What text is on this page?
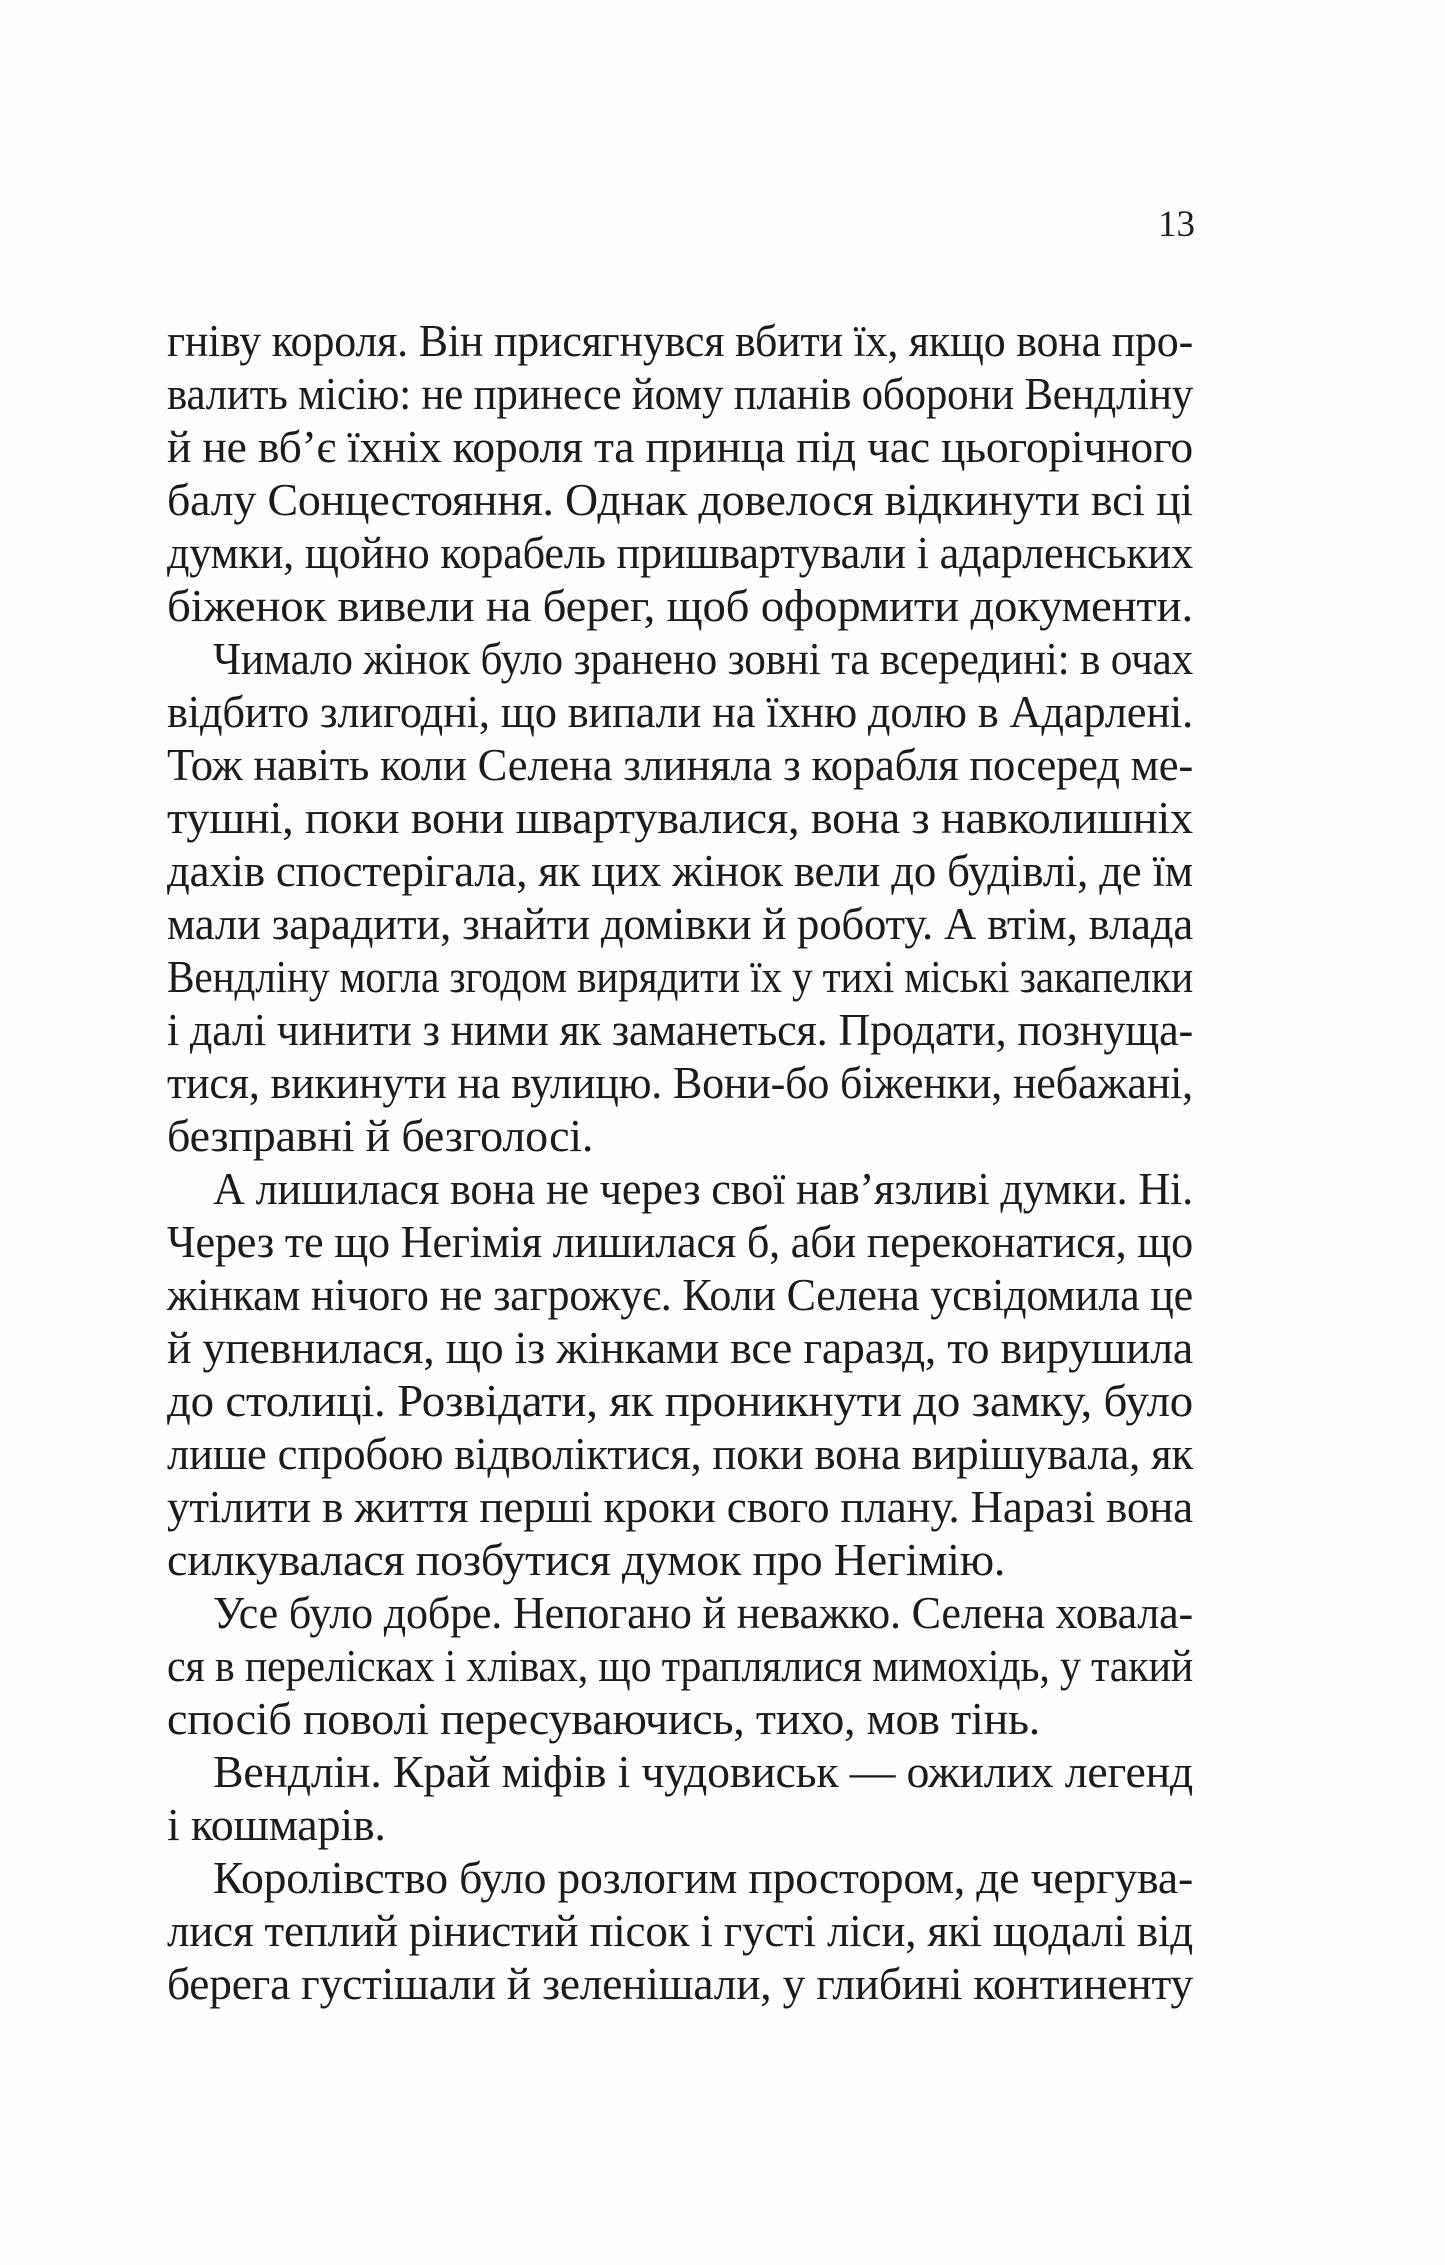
13
гніву короля. Він присягнувся вбити їх, якщо вона про-
валить місію: не принесе йому планів оборони Вендліну
й не вб’є їхніх короля та принца під час цьогорічного
балу Сонцестояння. Однак довелося відкинути всі ці
думки, щойно корабель пришвартували і адарленських
біженок вивели на берег, щоб оформити документи.
Чимало жінок було зранено зовні та всередині: в очах
відбито злигодні, що випали на їхню долю в Адарлені.
Тож навіть коли Селена злиняла з корабля посеред ме-
тушні, поки вони швартувалися, вона з навколишніх
дахів спостерігала, як цих жінок вели до будівлі, де їм
мали зарадити, знайти домівки й роботу. А втім, влада
Вендліну могла згодом вирядити їх у тихі міські закапелки
і далі чинити з ними як заманеться. Продати, познуща-
тися, викинути на вулицю. Вони-бо біженки, небажані,
безправні й безголосі.
А лишилася вона не через свої нав’язливі думки. Ні.
Через те що Негімія лишилася б, аби переконатися, що
жінкам нічого не загрожує. Коли Селена усвідомила це
й упевнилася, що із жінками все гаразд, то вирушила
до столиці. Розвідати, як проникнути до замку, було
лише спробою відволіктися, поки вона вирішувала, як
утілити в життя перші кроки свого плану. Наразі вона
силкувалася позбутися думок про Негімію.
Усе було добре. Непогано й неважко. Селена ховала-
ся в перелісках і хлівах, що траплялися мимохідь, у такий
спосіб поволі пересуваючись, тихо, мов тінь.
Вендлін. Край міфів і чудовиськ — ожилих легенд
і кошмарів.
Королівство було розлогим простором, де чергува-
лися теплий рінистий пісок і густі ліси, які щодалі від
берега густішали й зеленішали, у глибині континенту
